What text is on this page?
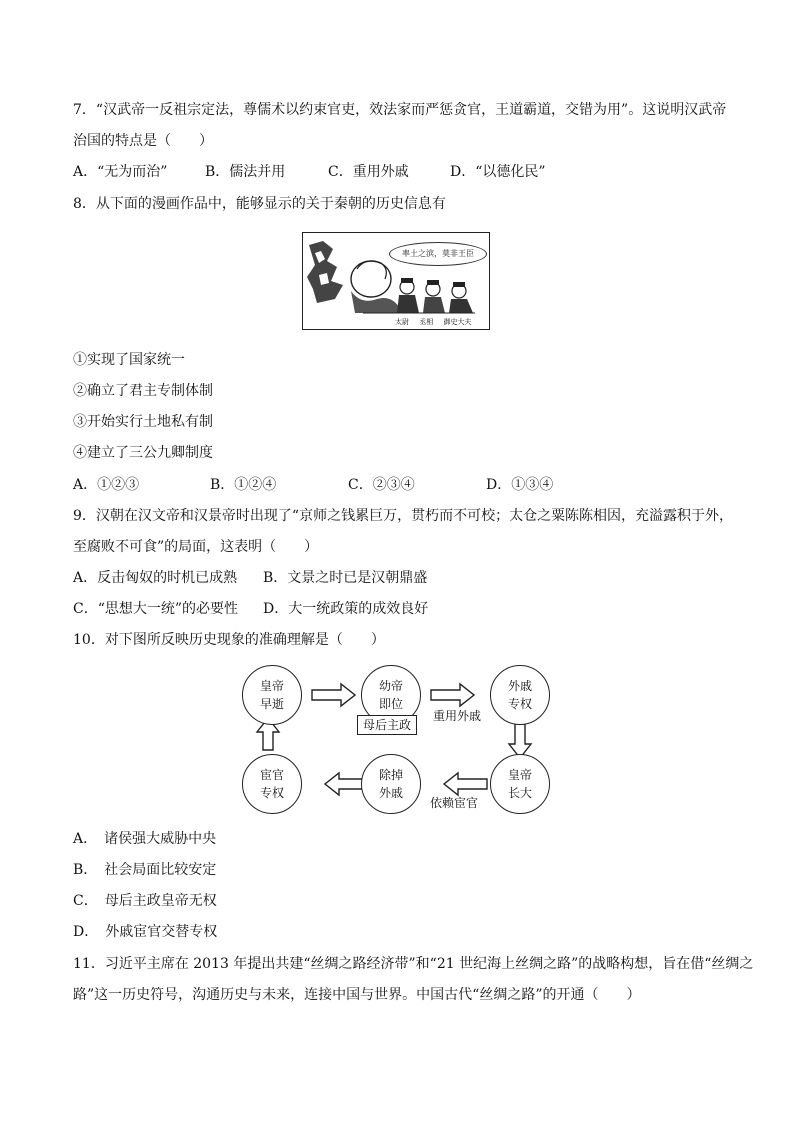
7．“汉武帝一反祖宗定法，尊儒术以约束官吏，效法家而严惩贪官，王道霸道，交错为用”。这说明汉武帝
治国的特点是（　　）
A．“无为而治”	B．儒法并用	C．重用外戚	D．“以德化民”
8．从下面的漫画作品中，能够显示的关于秦朝的历史信息有
率土之滨，莫非王臣
太尉 丞相 御史大夫
①实现了国家统一
②确立了君主专制体制
③开始实行土地私有制
④建立了三公九卿制度
A．①②③	B．①②④	C．②③④	D．①③④
9．汉朝在汉文帝和汉景帝时出现了“京师之钱累巨万，贯朽而不可校；太仓之粟陈陈相因，充溢露积于外，
至腐败不可食”的局面，这表明（　　）
A．反击匈奴的时机已成熟 B．文景之时已是汉朝鼎盛
C．“思想大一统”的必要性 D．大一统政策的成效良好
10．对下图所反映历史现象的准确理解是（　　）
皇帝
早逝
幼帝
即位
外戚
专权
宦官
专权
除掉
外戚
皇帝
长大
母后主政
重用外戚
依赖宦官
A．　诸侯强大威胁中央
B．　社会局面比较安定
C．　母后主政皇帝无权
D．　外戚宦官交替专权
11．习近平主席在 2013 年提出共建“丝绸之路经济带”和“21 世纪海上丝绸之路”的战略构想，旨在借“丝绸之
路”这一历史符号，沟通历史与未来，连接中国与世界。中国古代“丝绸之路”的开通（　　）
